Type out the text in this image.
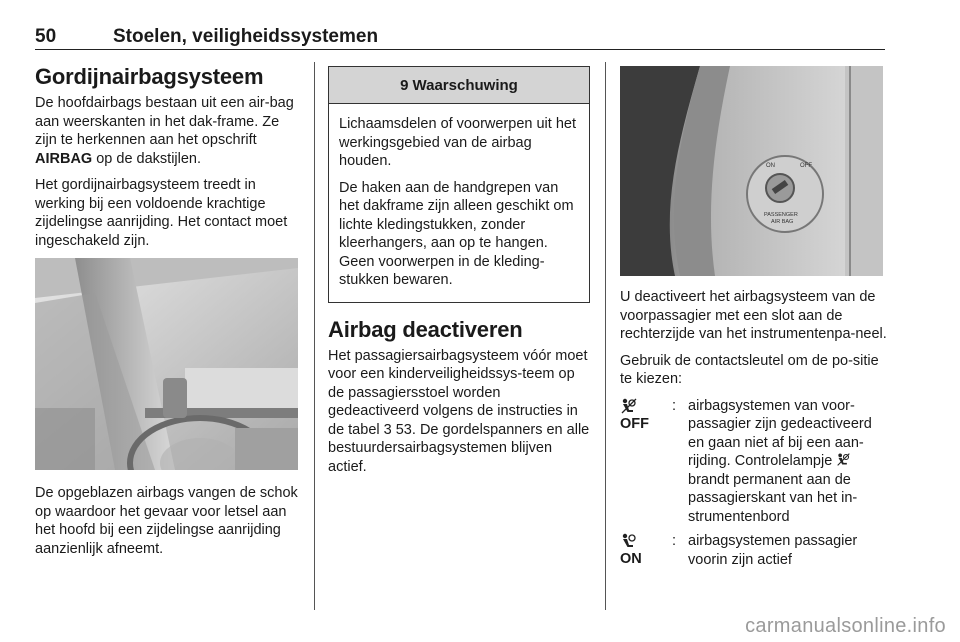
50	Stoelen, veiligheidssystemen
Gordijnairbagsysteem

De hoofdairbags bestaan uit een air-bag aan weerskanten in het dak-frame. Ze zijn te herkennen aan het opschrift AIRBAG op de dakstijlen.

Het gordijnairbagsysteem treedt in werking bij een voldoende krachtige zijdelingse aanrijding. Het contact moet ingeschakeld zijn.

De opgeblazen airbags vangen de schok op waardoor het gevaar voor letsel aan het hoofd bij een zijdelingse aanrijding aanzienlijk afneemt.

9 Waarschuwing

Lichaamsdelen of voorwerpen uit het werkingsgebied van de airbag houden.

De haken aan de handgrepen van het dakframe zijn alleen geschikt om lichte kledingstukken, zonder kleerhangers, aan op te hangen. Geen voorwerpen in de kleding-stukken bewaren.

Airbag deactiveren

Het passagiersairbagsysteem vóór moet voor een kinderveiligheidssys-teem op de passagiersstoel worden gedeactiveerd volgens de instructies in de tabel 3 53. De gordelspanners en alle bestuurdersairbagsystemen blijven actief.

ON	OFF
PASSENGER
AIR BAG

U deactiveert het airbagsysteem van de voorpassagier met een slot aan de rechterzijde van het instrumentenpa-neel.

Gebruik de contactsleutel om de po-sitie te kiezen:

OFF
: airbagsystemen van voor-passagier zijn gedeactiveerd en gaan niet af bij een aan-rijding. Controlelampje  brandt permanent aan de passagierskant van het in-strumentenbord
ON
: airbagsystemen passagier voorin zijn actief
carmanualsonline.info
